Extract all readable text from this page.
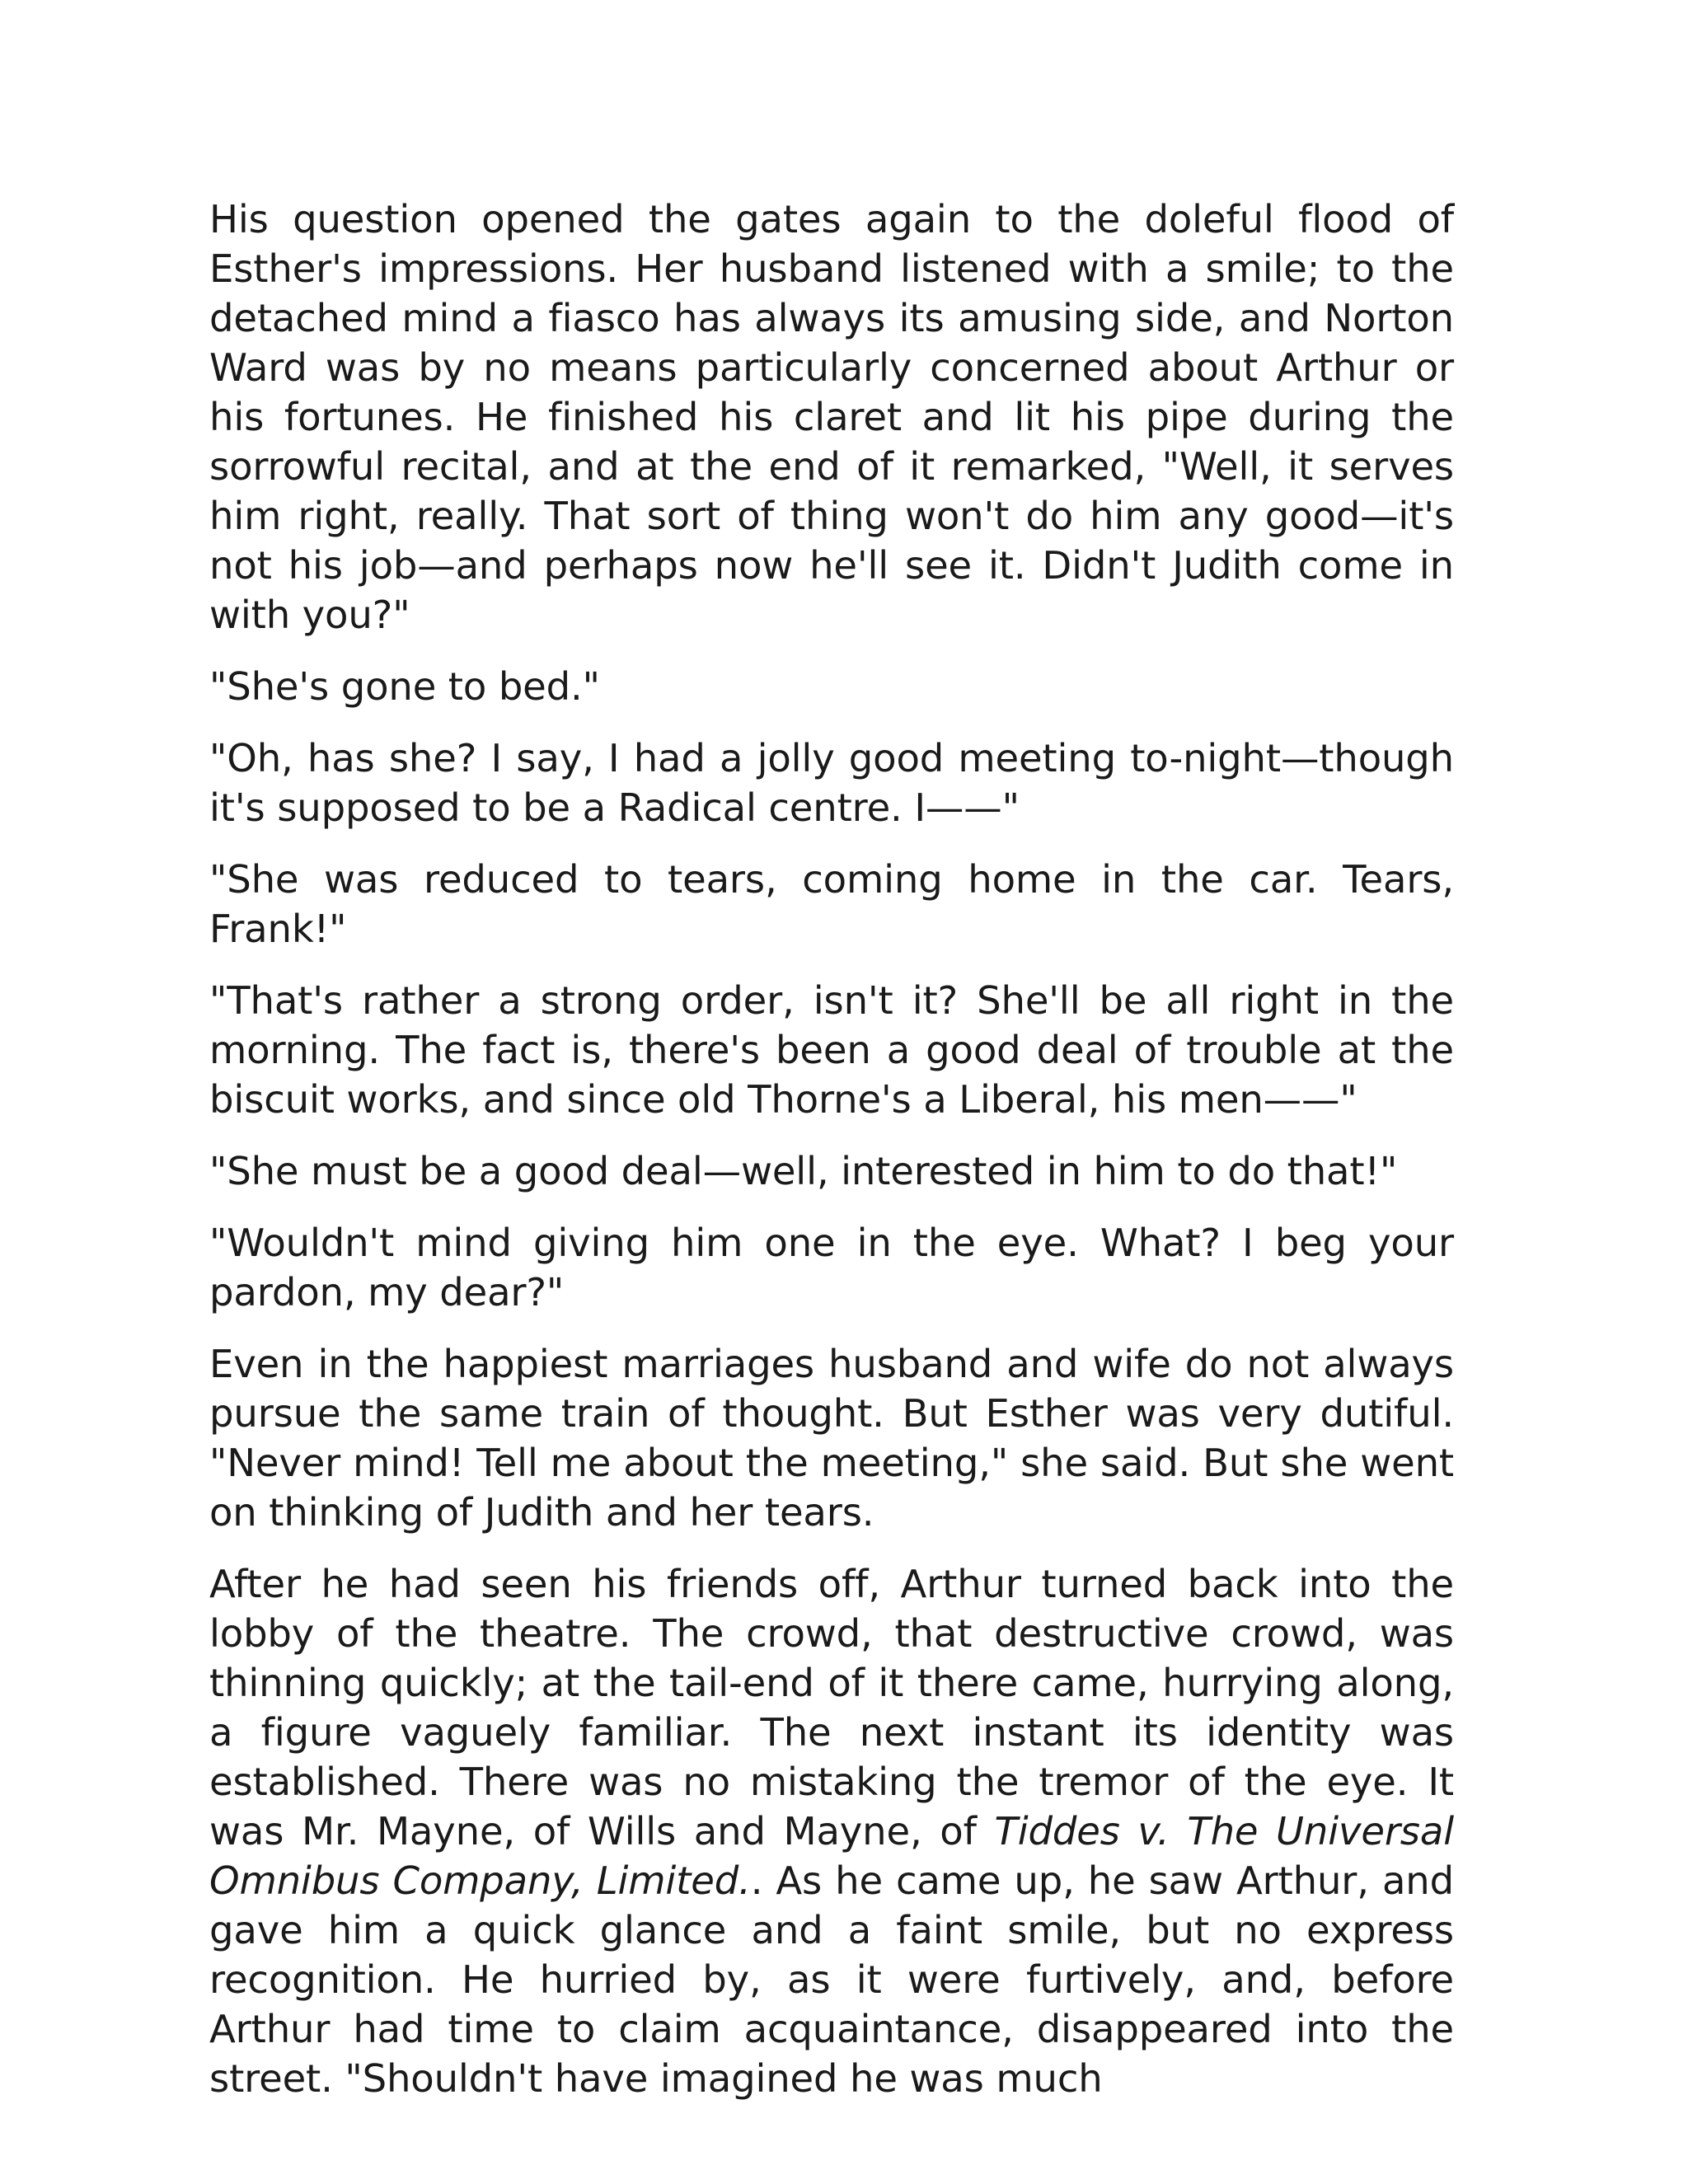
His question opened the gates again to the doleful flood of Esther's impressions. Her husband listened with a smile; to the detached mind a fiasco has always its amusing side, and Norton Ward was by no means particularly concerned about Arthur or his fortunes. He finished his claret and lit his pipe during the sorrowful recital, and at the end of it remarked, "Well, it serves him right, really. That sort of thing won't do him any good—it's not his job—and perhaps now he'll see it. Didn't Judith come in with you?"

"She's gone to bed."

"Oh, has she? I say, I had a jolly good meeting to-night—though it's supposed to be a Radical centre. I——"

"She was reduced to tears, coming home in the car. Tears, Frank!"

"That's rather a strong order, isn't it? She'll be all right in the morning. The fact is, there's been a good deal of trouble at the biscuit works, and since old Thorne's a Liberal, his men——"

"She must be a good deal—well, interested in him to do that!"

"Wouldn't mind giving him one in the eye. What? I beg your pardon, my dear?"

Even in the happiest marriages husband and wife do not always pursue the same train of thought. But Esther was very dutiful. "Never mind! Tell me about the meeting," she said. But she went on thinking of Judith and her tears.

After he had seen his friends off, Arthur turned back into the lobby of the theatre. The crowd, that destructive crowd, was thinning quickly; at the tail-end of it there came, hurrying along, a figure vaguely familiar. The next instant its identity was established. There was no mistaking the tremor of the eye. It was Mr. Mayne, of Wills and Mayne, of Tiddes v. The Universal Omnibus Company, Limited.. As he came up, he saw Arthur, and gave him a quick glance and a faint smile, but no express recognition. He hurried by, as it were furtively, and, before Arthur had time to claim acquaintance, disappeared into the street. "Shouldn't have imagined he was much
